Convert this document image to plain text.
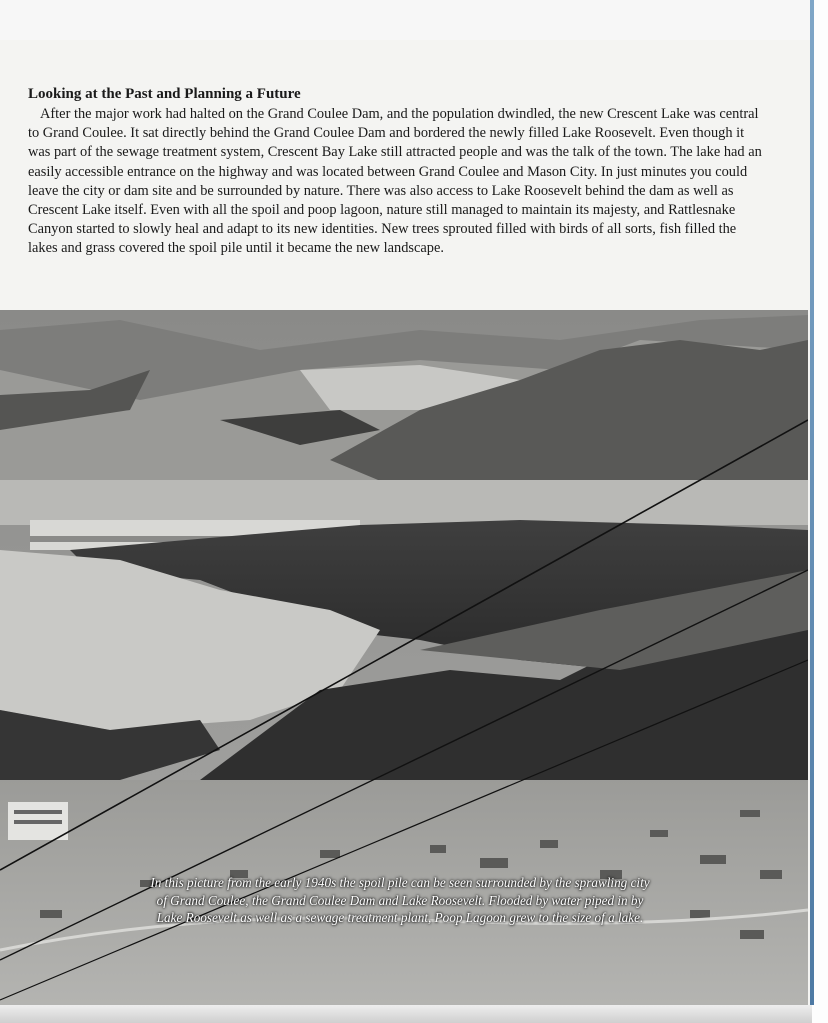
Looking at the Past and Planning a Future

After the major work had halted on the Grand Coulee Dam, and the population dwindled, the new Crescent Lake was central to Grand Coulee. It sat directly behind the Grand Coulee Dam and bordered the newly filled Lake Roosevelt. Even though it was part of the sewage treatment system, Crescent Bay Lake still attracted people and was the talk of the town. The lake had an easily accessible entrance on the highway and was located between Grand Coulee and Mason City. In just minutes you could leave the city or dam site and be surrounded by nature. There was also access to Lake Roosevelt behind the dam as well as Crescent Lake itself. Even with all the spoil and poop lagoon, nature still managed to maintain its majesty, and Rattlesnake Canyon started to slowly heal and adapt to its new identities. New trees sprouted filled with birds of all sorts, fish filled the lakes and grass covered the spoil pile until it became the new landscape.

In this picture from the early 1940s the spoil pile can be seen surrounded by the sprawling city of Grand Coulee, the Grand Coulee Dam and Lake Roosevelt. Flooded by water piped in by Lake Roosevelt as well as a sewage treatment plant, Poop Lagoon grew to the size of a lake.
